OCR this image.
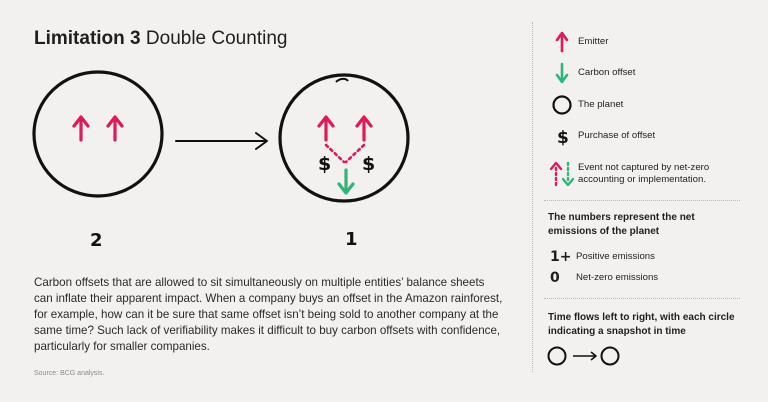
Limitation 3 Double Counting
2
$ $
1
Carbon offsets that are allowed to sit simultaneously on multiple entities’ balance sheets can inflate their apparent impact. When a company buys an offset in the Amazon rainforest, for example, how can it be sure that same offset isn’t being sold to another company at the same time? Such lack of verifiability makes it difficult to buy carbon offsets with confidence, particularly for smaller companies.
Source: BCG analysis.
Emitter
Carbon offset
The planet
$ Purchase of offset
Event not captured by net-zero accounting or implementation.
The numbers represent the net emissions of the planet
1+ Positive emissions
0	Net-zero emissions
Time flows left to right, with each circle indicating a snapshot in time
